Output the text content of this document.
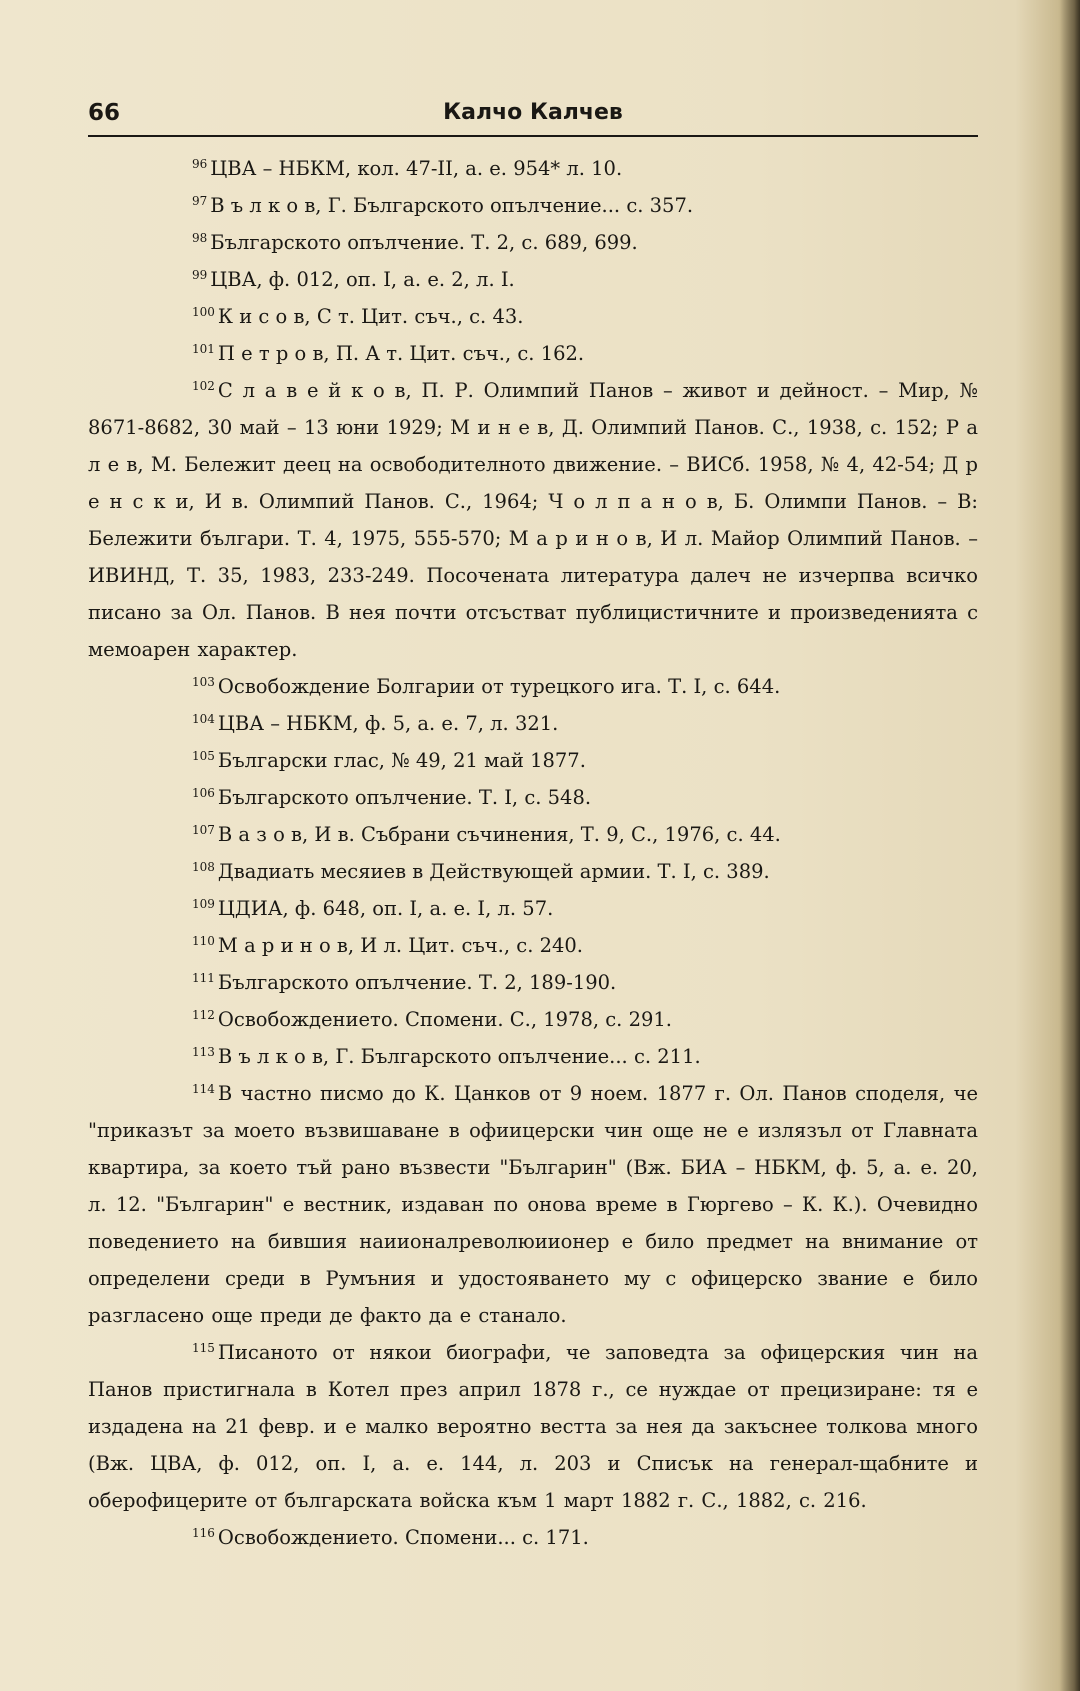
66	Калчо Калчев

$^{96}$ ЦВА – НБКМ, кол. 47-II, а. е. 954* л. 10.

$^{97}$ В ъ л к о в, Г. Българското опълчение... с. 357.

$^{98}$ Българското опълчение. Т. 2, с. 689, 699.

$^{99}$ ЦВА, ф. 012, оп. I, а. е. 2, л. I.

$^{100}$ К и с о в, С т. Цит. съч., с. 43.

$^{101}$ П е т р о в, П. А т. Цит. съч., с. 162.

$^{102}$ С л а в е й к о в, П. Р. Олимпий Панов – живот и дейност. – Мир, № 8671-8682, 30 май – 13 юни 1929; М и н е в, Д. Олимпий Панов. С., 1938, с. 152; Р а л е в, М. Бележит деец на освободителното движение. – ВИСб. 1958, № 4, 42-54; Д р е н с к и, И в. Олимпий Панов. С., 1964; Ч о л п а н о в, Б. Олимпи Панов. – В: Бележити българи. Т. 4, 1975, 555-570; М а р и н о в, И л. Майор Олимпий Панов. – ИВИНД, Т. 35, 1983, 233-249. Посочената литература далеч не изчерпва всичко писано за Ол. Панов. В нея почти отсъстват публицистичните и произведенията с мемоарен характер.

$^{103}$ Освобождение Болгарии от турецкого ига. Т. I, с. 644.

$^{104}$ ЦВА – НБКМ, ф. 5, а. е. 7, л. 321.

$^{105}$ Български глас, № 49, 21 май 1877.

$^{106}$ Българското опълчение. Т. I, с. 548.

$^{107}$ В а з о в, И в. Събрани съчинения, Т. 9, С., 1976, с. 44.

$^{108}$ Двадиать месяиев в Действующей армии. Т. I, с. 389.

$^{109}$ ЦДИА, ф. 648, оп. I, а. е. I, л. 57.

$^{110}$ М а р и н о в, И л. Цит. съч., с. 240.

$^{111}$ Българското опълчение. Т. 2, 189-190.

$^{112}$ Освобождението. Спомени. С., 1978, с. 291.

$^{113}$ В ъ л к о в, Г. Българското опълчение... с. 211.

$^{114}$ В частно писмо до К. Цанков от 9 ноем. 1877 г. Ол. Панов споделя, че "приказът за моето възвишаване в офиицерски чин още не е излязъл от Главната квартира, за което тъй рано възвести "Българин" (Вж. БИА – НБКМ, ф. 5, а. е. 20, л. 12. "Българин" е вестник, издаван по онова време в Гюргево – К. К.). Очевидно поведението на бившия наиионалреволюиионер е било предмет на внимание от определени среди в Румъния и удостояването му с офицерско звание е било разгласено още преди де факто да е станало.

$^{115}$ Писаното от някои биографи, че заповедта за офицерския чин на Панов пристигнала в Котел през април 1878 г., се нуждае от прецизиране: тя е издадена на 21 февр. и е малко вероятно вестта за нея да закъснее толкова много (Вж. ЦВА, ф. 012, оп. I, а. е. 144, л. 203 и Списък на генерал-щабните и оберофицерите от българската войска към 1 март 1882 г. С., 1882, с. 216.

$^{116}$ Освобождението. Спомени... с. 171.
